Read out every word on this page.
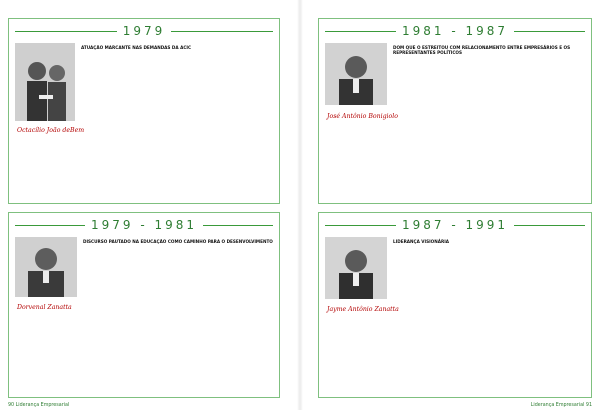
1979
Octacílio João deBem
ATUAÇÃO MARCANTE NAS DEMANDAS DA ACIC
1981 - 1987
José Antônio Bonigiolo
DOM QUE O ESTREITOU COM RELACIONAMENTO ENTRE EMPRESÁRIOS E OS REPRESENTANTES POLÍTICOS
1979 - 1981
Dorvenal Zanatta
DISCURSO PAUTADO NA EDUCAÇÃO COMO CAMINHO PARA O DESENVOLVIMENTO
1987 - 1991
Jayme Antônio Zanatta
LIDERANÇA VISIONÁRIA
90 Liderança Empresarial	Liderança Empresarial 91
